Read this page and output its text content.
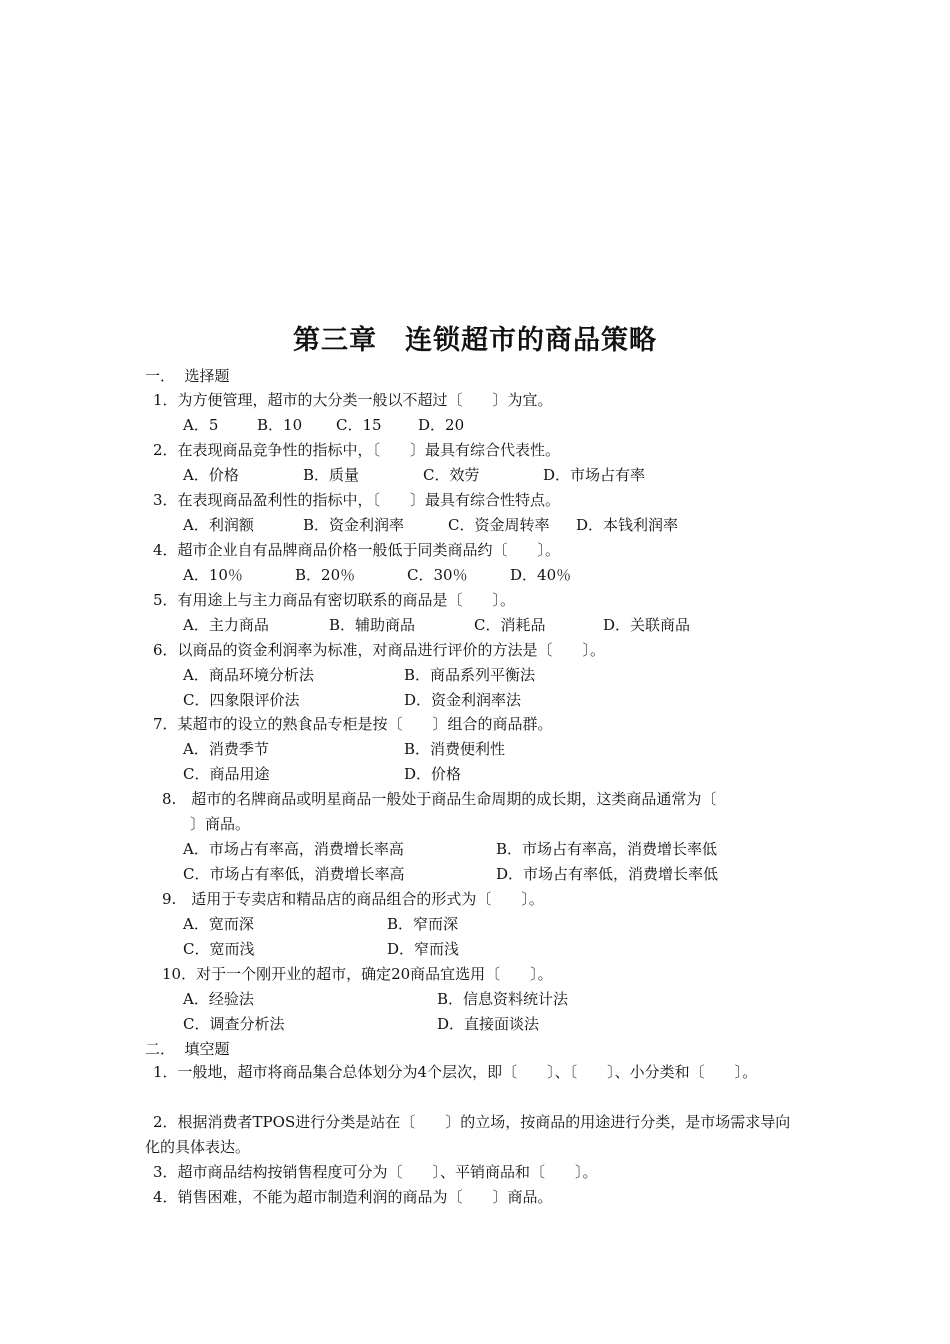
第三章　连锁超市的商品策略
一．  选择题
1．为方便管理，超市的大分类一般以不超过〔　　〕为宜。

A．5

	B．10

C．15

D．20

2．在表现商品竞争性的指标中，〔　　〕最具有综合代表性。

A．价格

	B．质量

	C．效劳

	D．市场占有率

3．在表现商品盈利性的指标中，〔　　〕最具有综合性特点。

A．利润额

	B．资金利润率

	C．资金周转率

D．本钱利润率

4．超市企业自有品牌商品价格一般低于同类商品约〔　　〕。

A．10％

	B．20％

	C．30％

	D．40％

5．有用途上与主力商品有密切联系的商品是〔　　〕。

A．主力商品

	B．辅助商品

	C．消耗品

	D．关联商品

6．以商品的资金利润率为标准，对商品进行评价的方法是〔　　〕。

A．商品环境分析法

	B．商品系列平衡法

C．四象限评价法

	D．资金利润率法

7．某超市的设立的熟食品专柜是按〔　　〕组合的商品群。

A．消费季节

	B．消费便利性

C．商品用途

	D．价格

8.　超市的名牌商品或明星商品一般处于商品生命周期的成长期，这类商品通常为〔
〕商品。

A．市场占有率高，消费增长率高

	B．市场占有率高，消费增长率低

C．市场占有率低，消费增长率高

	D．市场占有率低，消费增长率低

9.　适用于专卖店和精品店的商品组合的形式为〔　　〕。

A．宽而深

	B．窄而深

C．宽而浅

	D．窄而浅

10．对于一个刚开业的超市，确定20商品宜选用〔　　〕。

A．经验法

	B．信息资料统计法

C．调查分析法

	D．直接面谈法

二．  填空题
1．一般地，超市将商品集合总体划分为4个层次，即〔　　〕、〔　　〕、小分类和〔　　〕。
2．根据消费者TPOS进行分类是站在〔　　〕的立场，按商品的用途进行分类，是市场需求导向化的具体表达。
3．超市商品结构按销售程度可分为〔　　〕、平销商品和〔　　〕。
4．销售困难，不能为超市制造利润的商品为〔　　〕商品。
